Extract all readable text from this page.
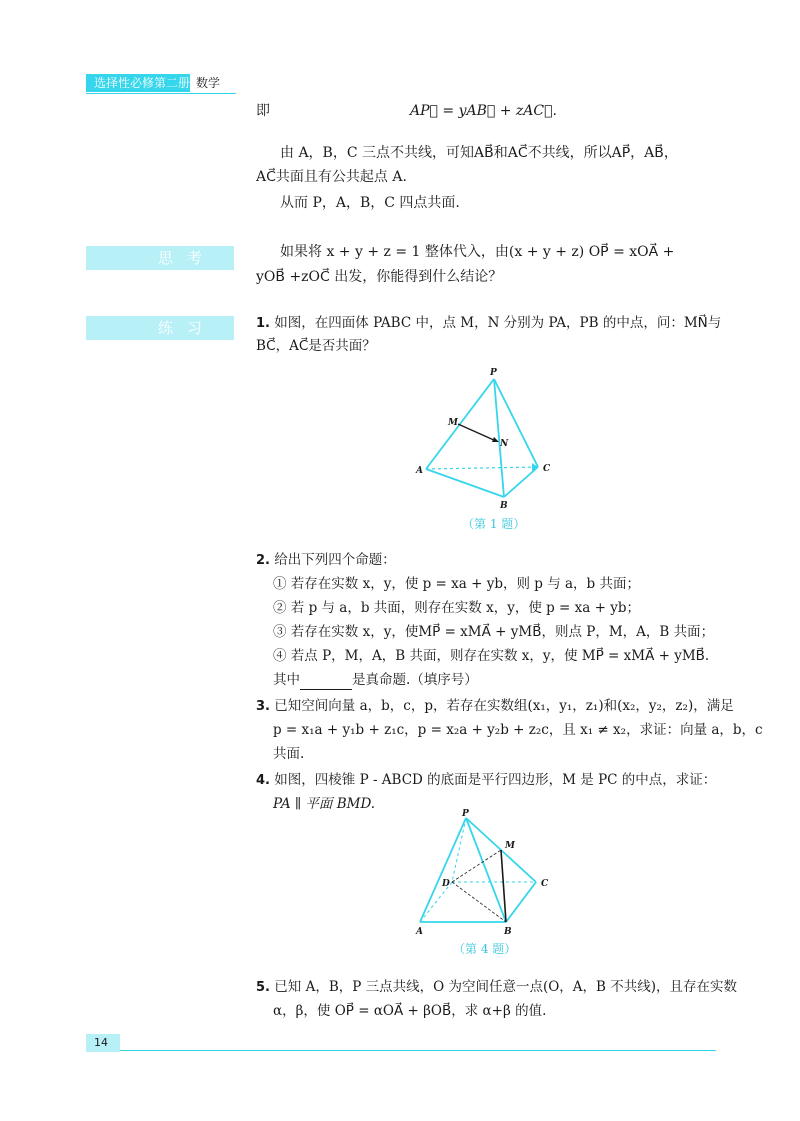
选择性必修第二册 数学
即	AP⃗ = yAB⃗ + zAC⃗.
由 A，B，C 三点不共线，可知AB⃗和AC⃗不共线，所以AP⃗，AB⃗，
AC⃗共面且有公共起点 A.
从而 P，A，B，C 四点共面.
思考	如果将 x + y + z = 1 整体代入，由(x + y + z) OP⃗ = xOA⃗ +
yOB⃗ +zOC⃗ 出发，你能得到什么结论？
练习	1. 如图，在四面体 PABC 中，点 M，N 分别为 PA，PB 的中点，问：MN⃗与
BC⃗，AC⃗是否共面？
P
M
N
A
B
C
（第 1 题）
2. 给出下列四个命题：
① 若存在实数 x，y，使 p = xa + yb，则 p 与 a，b 共面；
② 若 p 与 a，b 共面，则存在实数 x，y，使 p = xa + yb；
③ 若存在实数 x，y，使MP⃗ = xMA⃗ + yMB⃗，则点 P，M，A，B 共面；
④ 若点 P，M，A，B 共面，则存在实数 x，y，使 MP⃗ = xMA⃗ + yMB⃗.
其中	是真命题.（填序号）
3. 已知空间向量 a，b，c，p，若存在实数组(x₁，y₁，z₁)和(x₂，y₂，z₂)，满足
p = x₁a + y₁b + z₁c，p = x₂a + y₂b + z₂c，且 x₁ ≠ x₂，求证：向量 a，b，c
共面.
4. 如图，四棱锥 P - ABCD 的底面是平行四边形，M 是 PC 的中点，求证：
PA ∥ 平面 BMD.
P
M
D	C
A	B
（第 4 题）
5. 已知 A，B，P 三点共线，O 为空间任意一点(O，A，B 不共线)，且存在实数
α，β，使 OP⃗ = αOA⃗ + βOB⃗，求 α+β 的值.
14
